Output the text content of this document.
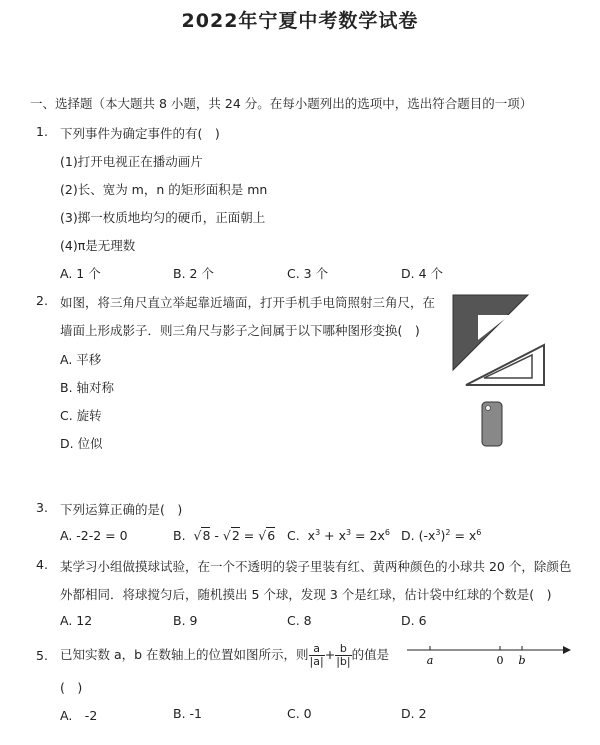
2022年宁夏中考数学试卷
一、选择题（本大题共 8 小题，共 24 分。在每小题列出的选项中，选出符合题目的一项）
1. 下列事件为确定事件的有(　)
(1)打开电视正在播动画片
(2)长、宽为 m，n 的矩形面积是 mn
(3)掷一枚质地均匀的硬币，正面朝上
(4)π是无理数
A. 1 个	B. 2 个	C. 3 个	D. 4 个
2. 如图，将三角尺直立举起靠近墙面，打开手机手电筒照射三角尺，在
墙面上形成影子．则三角尺与影子之间属于以下哪种图形变换(　)
A. 平移
B. 轴对称
C. 旋转
D. 位似
3. 下列运算正确的是(　)
A. -2-2 = 0	B.  √8 - √2 = √6 C. $x^3 + x^3 = 2x^6$ D. $(-x^3)^2 = x^6$
4. 某学习小组做摸球试验，在一个不透明的袋子里装有红、黄两种颜色的小球共 20 个，除颜色
外都相同．将球搅匀后，随机摸出 5 个球，发现 3 个是红球，估计袋中红球的个数是(　)
A. 12	B. 9	C. 8	D. 6
5. 已知实数 a，b 在数轴上的位置如图所示，则 $\frac{a}{|a|} + \frac{b}{|b|}$ 的值是	a	0 b
(　)
A.　-2	B. -1	C. 0	D. 2
